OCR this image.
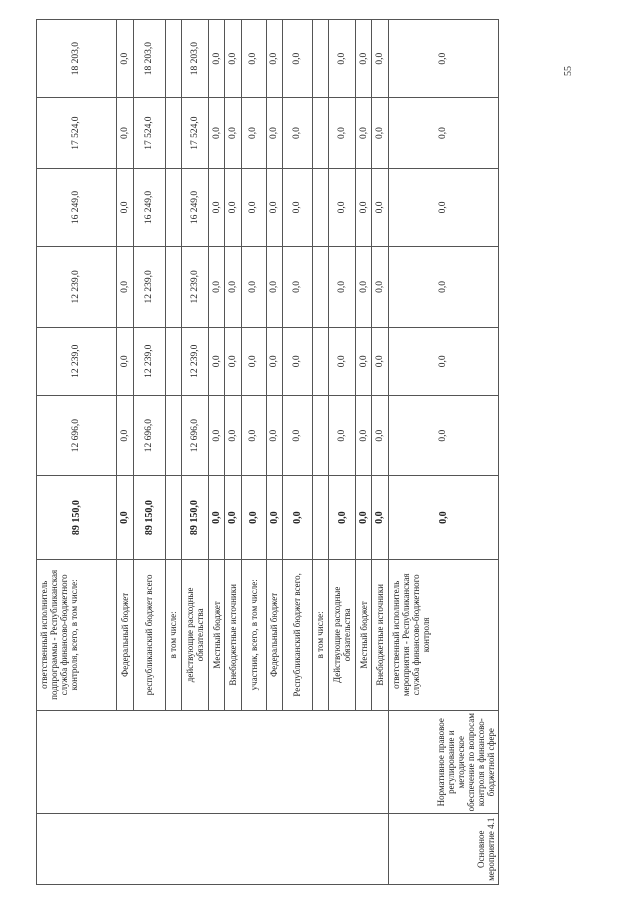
		ответственный исполнитель подпрограммы - Республиканская служба финансово-бюджетного контроля, всего, в том числе:	89 150,0	12 696,0	12 239,0	12 239,0	16 249,0	17 524,0	18 203,0
		Федеральный бюджет	0,0	0,0	0,0	0,0	0,0	0,0	0,0
		республиканский бюджет всего	89 150,0	12 696,0	12 239,0	12 239,0	16 249,0	17 524,0	18 203,0
		в том числе:							
		действующие расходные обязательства	89 150,0	12 696,0	12 239,0	12 239,0	16 249,0	17 524,0	18 203,0
		Местный бюджет	0,0	0,0	0,0	0,0	0,0	0,0	0,0
		Внебюджетные источники	0,0	0,0	0,0	0,0	0,0	0,0	0,0
		участник, всего, в том числе:	0,0	0,0	0,0	0,0	0,0	0,0	0,0
		Федеральный бюджет	0,0	0,0	0,0	0,0	0,0	0,0	0,0
		Республиканский бюджет всего,	0,0	0,0	0,0	0,0	0,0	0,0	0,0
		в том числе:							
		Действующие расходные обязательства	0,0	0,0	0,0	0,0	0,0	0,0	0,0
		Местный бюджет	0,0	0,0	0,0	0,0	0,0	0,0	0,0
		Внебюджетные источники	0,0	0,0	0,0	0,0	0,0	0,0	0,0
Основное мероприятие 4.1	Нормативное правовое регулирование и методическое обеспечение по вопросам контроля в финансово-бюджетной сфере	ответственный исполнитель мероприятия - Республиканская служба финансово-бюджетного контроля	0,0	0,0	0,0	0,0	0,0	0,0	0,0
55
